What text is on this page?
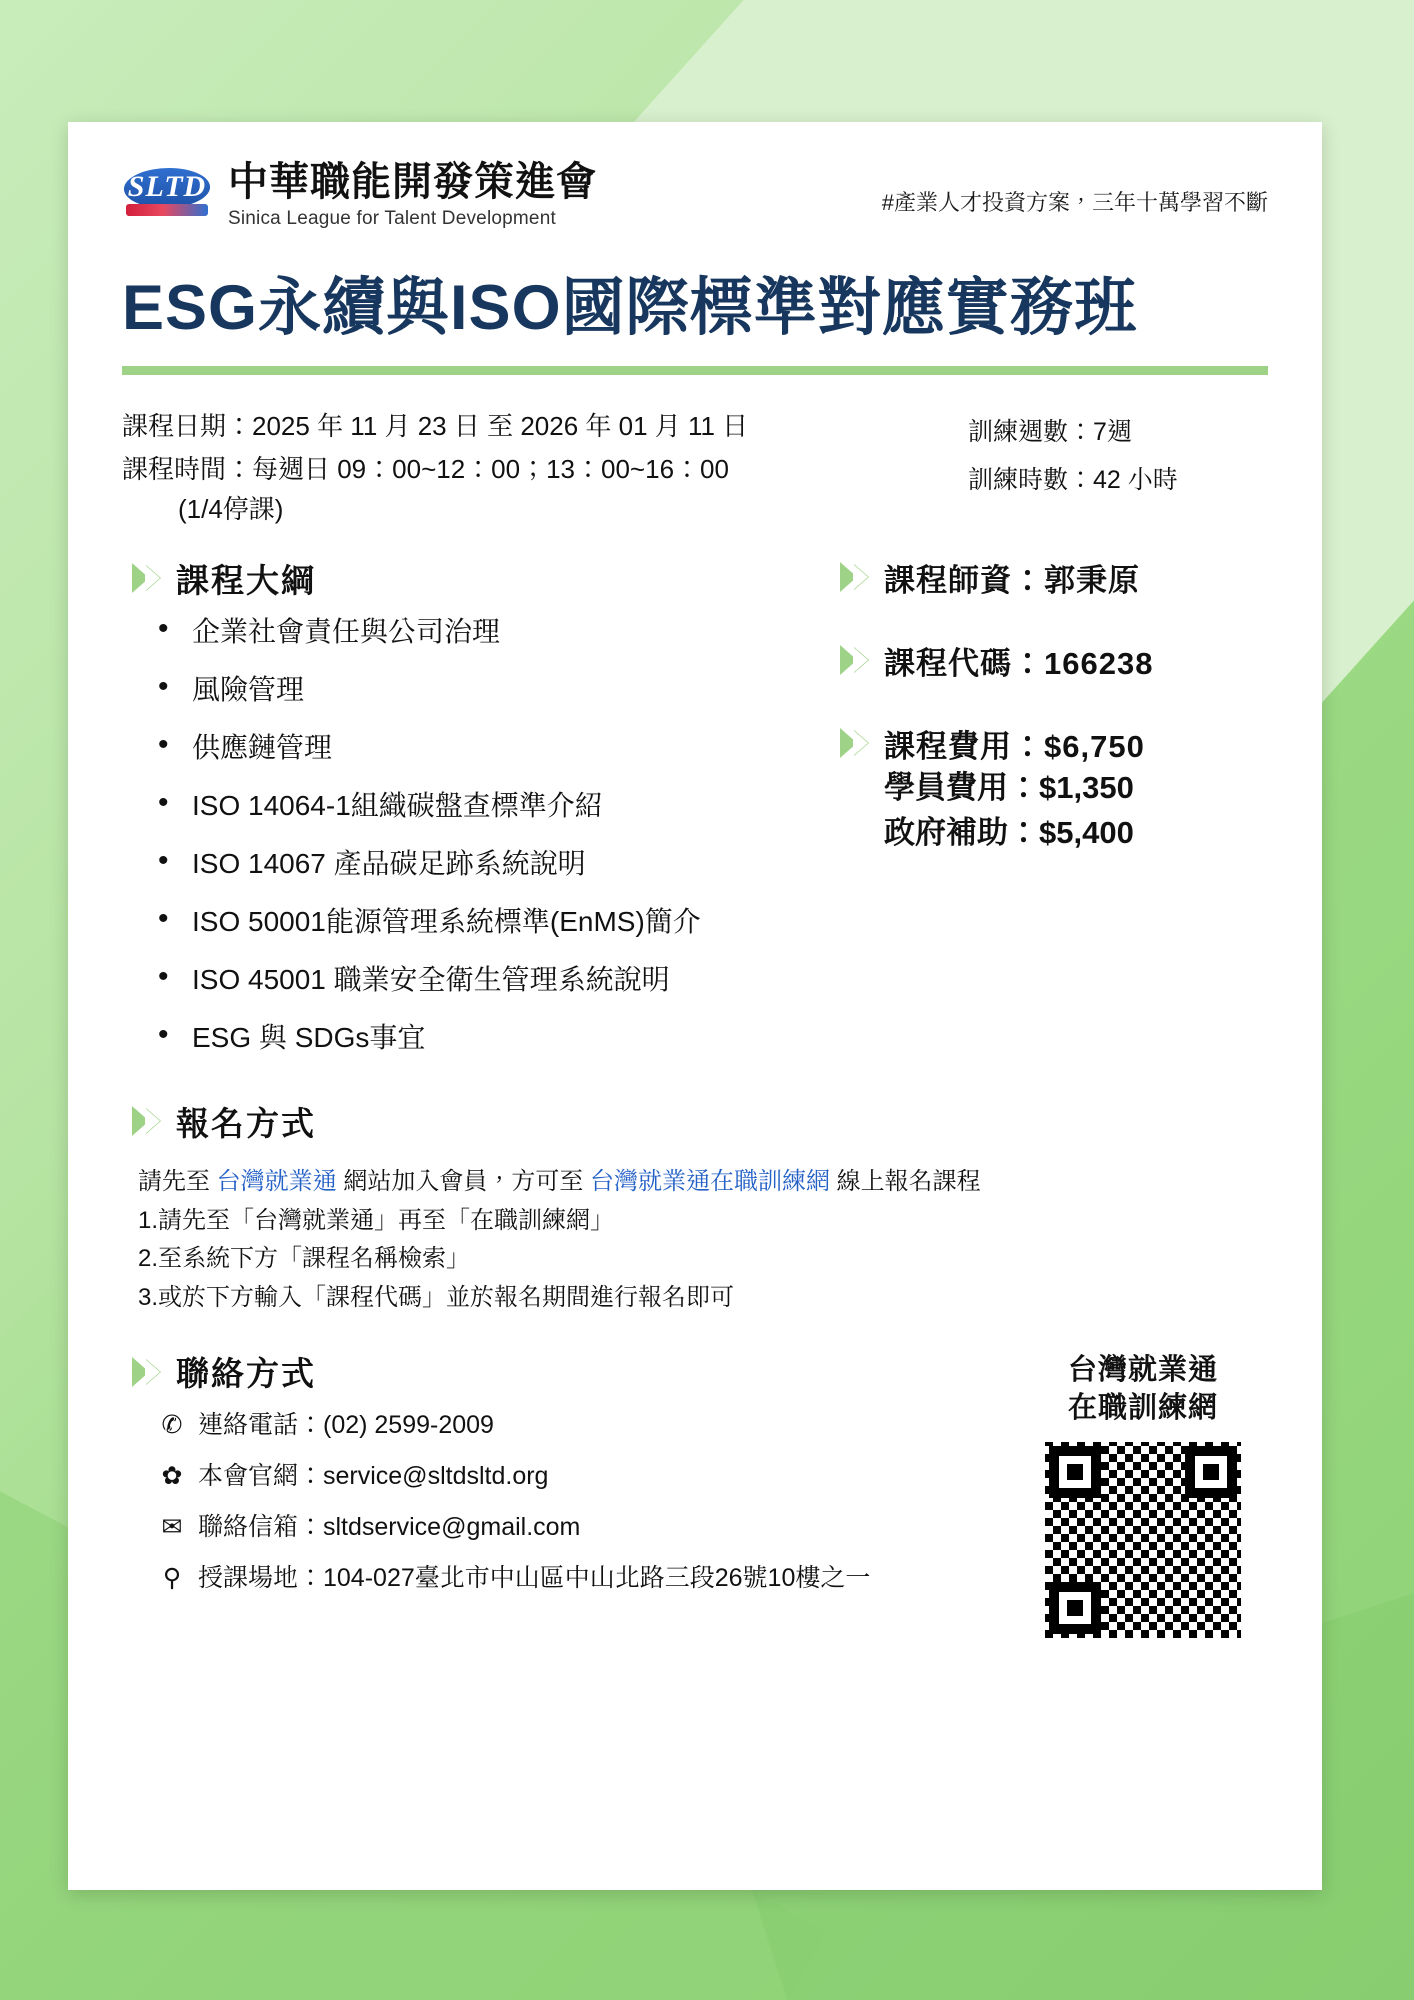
SLTD 中華職能開發策進會
Sinica League for Talent Development
#產業人才投資方案，三年十萬學習不斷
ESG永續與ISO國際標準對應實務班
課程日期：2025 年 11 月 23 日 至 2026 年 01 月 11 日
課程時間：每週日 09：00~12：00；13：00~16：00
(1/4停課)
訓練週數：7週
訓練時數：42 小時
課程大綱
• 企業社會責任與公司治理
• 風險管理
• 供應鏈管理
• ISO 14064-1組織碳盤查標準介紹
• ISO 14067 產品碳足跡系統說明
• ISO 50001能源管理系統標準(EnMS)簡介
• ISO 45001 職業安全衛生管理系統說明
• ESG 與 SDGs事宜
課程師資：郭秉原
課程代碼：166238
課程費用：$6,750
學員費用：$1,350
政府補助：$5,400
報名方式
請先至 台灣就業通 網站加入會員，方可至 台灣就業通在職訓練網 線上報名課程
1.請先至「台灣就業通」再至「在職訓練網」
2.至系統下方「課程名稱檢索」
3.或於下方輸入「課程代碼」並於報名期間進行報名即可
聯絡方式
✆ 連絡電話：(02) 2599-2009
✿ 本會官網：service@sltdsltd.org
✉ 聯絡信箱：sltdservice@gmail.com
⚲ 授課場地：104-027臺北市中山區中山北路三段26號10樓之一
台灣就業通
在職訓練網
